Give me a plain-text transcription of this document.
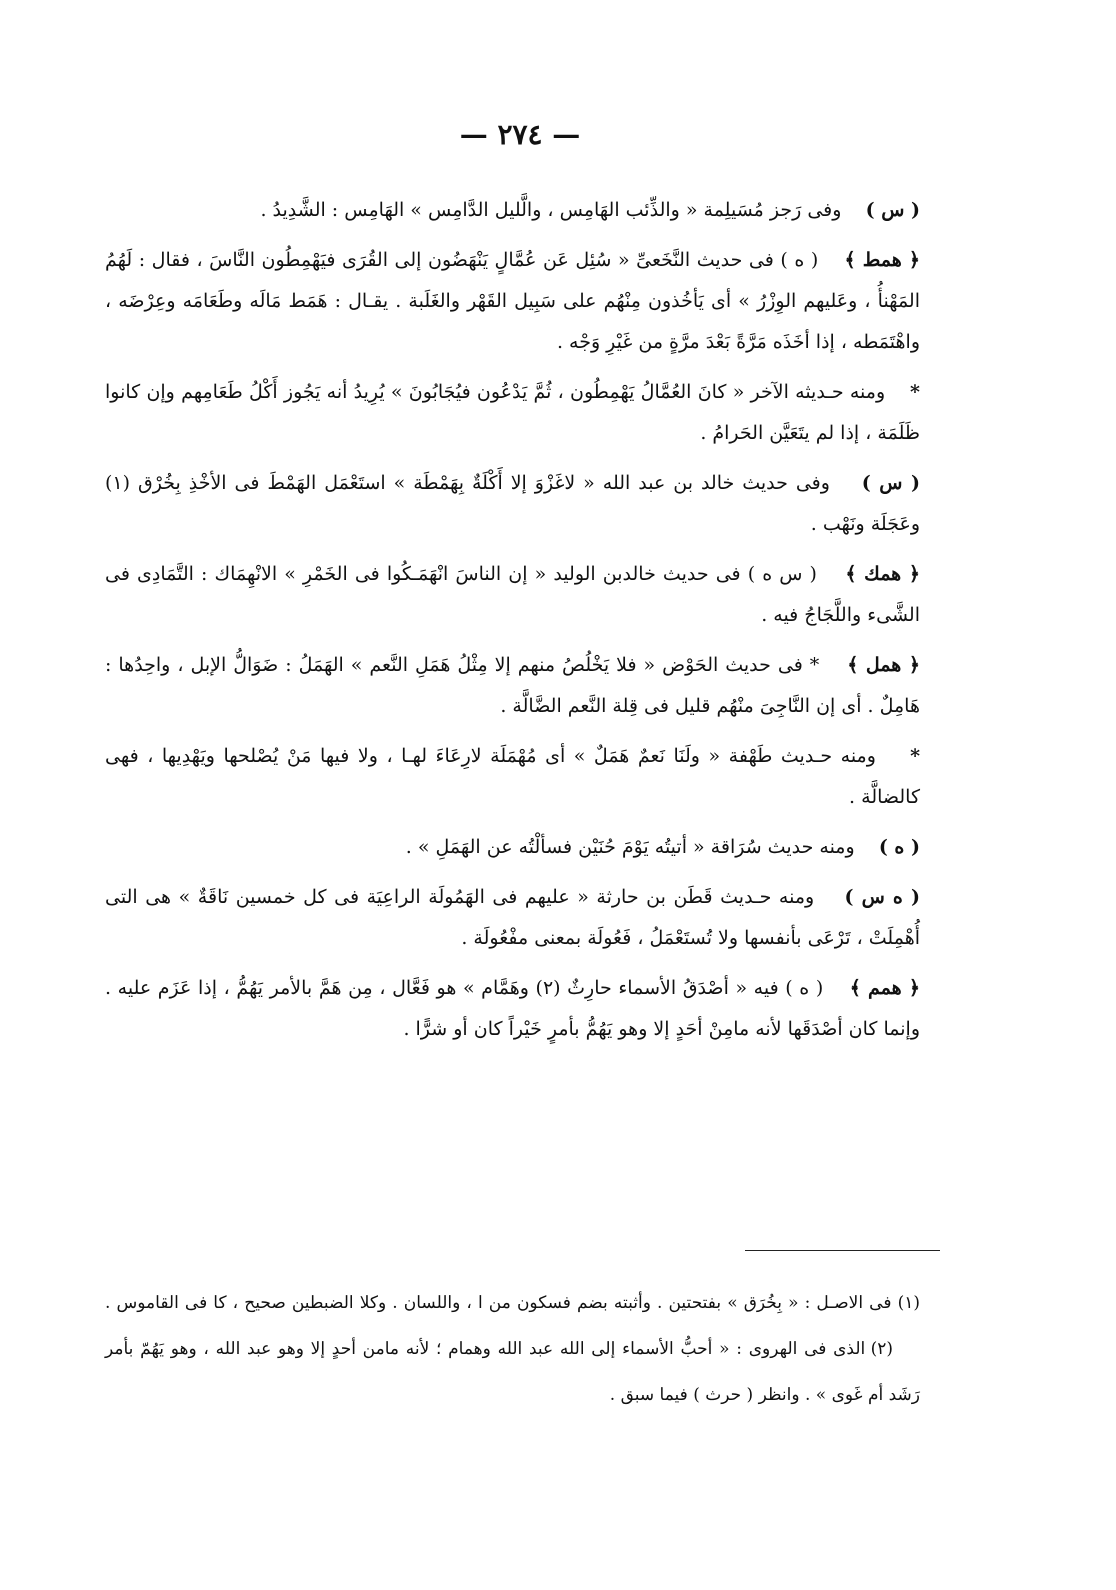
— ٢٧٤ —

( س )    وفى رَجز مُسَيلِمة « والذِّئب الهَامِس ، والَّليل الدَّامِس » الهَامِس : الشَّدِيدُ .

﴿ همط ﴾    ( ه ) فى حديث النَّخَعىِّ « سُئِل عَن عُمَّالٍ يَنْهَضُون إلى القُرَى فيَهْمِطُون النَّاسَ ، فقال : لَهُمُ المَهْنأُ ، وعَليهم الوِزْرُ » أى يَأخُذون مِنْهُم على سَبِيل القَهْر والغَلَبة . يقـال : هَمَط مَالَه وطَعَامَه وعِرْضَه ، واهْتَمَطه ، إذا أخَذَه مَرَّةً بَعْدَ مرَّةٍ من غَيْرِ وَجْه .

*    ومنه حـديثه الآخر « كانَ العُمَّالُ يَهْمِطُون ، ثُمَّ يَدْعُون فيُجَابُونَ » يُرِيدُ أنه يَجُوز أَكْلُ طَعَامِهم وإن كانوا ظَلَمَة ، إذا لم يتَعَيَّن الحَرامُ .

( س )    وفى حديث خالد بن عبد الله « لاغَزْوَ إلا أَكْلَةٌ بِهَمْطَة » استَعْمَل الهَمْطَ فى الأخْذِ بِخُرْق (١) وعَجَلَة ونَهْب .

﴿ همك ﴾    ( س ه ) فى حديث خالدبن الوليد « إن الناسَ انْهَمَـكُوا فى الخَمْرِ » الانْهِمَاك : التَّمَادِى فى الشَّىء واللَّجَاجُ فيه .

﴿ همل ﴾    * فى حديث الحَوْض « فلا يَخْلُصُ منهم إلا مِثْلُ هَمَلِ النَّعم » الهَمَلُ : ضَوَالُّ الإبل ، واحِدُها : هَامِلٌ . أى إن النَّاجِىَ منْهُم قليل فى قِلة النَّعم الضَّالَّة .

*    ومنه حـديث طَهْفة « ولَنَا نَعمٌ هَمَلٌ » أى مُهْمَلَة لارِعَاءَ لهـا ، ولا فيها مَنْ يُصْلحها ويَهْدِيها ، فهى كالضالَّة .

( ه )    ومنه حديث سُرَاقة « أتيتُه يَوْمَ حُنَيْن فسألْتُه عن الهَمَلِ » .

( ه س )    ومنه حـديث قَطَن بن حارثة « عليهم فى الهَمُولَة الراعِيَة فى كل خمسين نَاقَةٌ » هى التى أُهْمِلَتْ ، تَرْعَى بأنفسها ولا تُستَعْمَلُ ، فَعُولَة بمعنى مفْعُولَة .

﴿ همم ﴾    ( ه ) فيه « أصْدَقُ الأسماء حارِثٌ (٢) وهَمَّام » هو فَعَّال ، مِن هَمَّ بالأمر يَهُمُّ ، إذا عَزَم عليه . وإنما كان أصْدَقَها لأنه مامِنْ أحَدٍ إلا وهو يَهُمُّ بأمرٍ خَيْراً كان أو شرًّا .

(١) فى الاصـل : « بِخُرَق » بفتحتين . وأثبته بضم فسكون من ا ، واللسان . وكلا الضبطين صحيح ، كا فى القاموس .     (٢) الذى فى الهروى : « أحبُّ الأسماء إلى الله عبد الله وهمام ؛ لأنه مامن أحدٍ إلا وهو عبد الله ، وهو يَهُمّ بأمر رَشَد أم غَوى » . وانظر ( حرث ) فيما سبق .
